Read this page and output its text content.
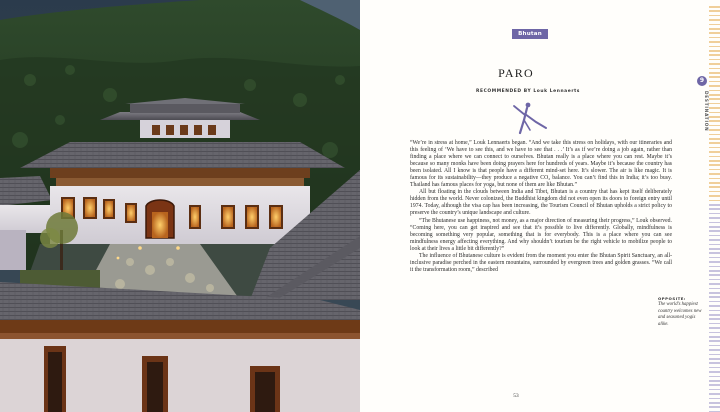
Bhutan
PARO
RECOMMENDED BY Louk Lennaerts

“We’re in stress at home,” Louk Lennaerts began. “And we take this stress on holidays, with our itineraries and this feeling of ‘We have to see this, and we have to see that . . .’ It’s as if we’re doing a job again, rather than finding a place where we can connect to ourselves. Bhutan really is a place where you can rest. Maybe it’s because so many monks have been doing prayers here for hundreds of years. Maybe it’s because the country has been isolated. All I know is that people have a different mind-set here. It’s slower. The air is like magic. It is famous for its sustainability—they produce a negative CO₂ balance. You can’t find this in India; it’s too busy. Thailand has famous places for yoga, but none of them are like Bhutan.”

All but floating in the clouds between India and Tibet, Bhutan is a country that has kept itself deliberately hidden from the world. Never colonized, the Buddhist kingdom did not even open its doors to foreign entry until 1974. Today, although the visa cap has been increasing, the Tourism Council of Bhutan upholds a strict policy to preserve the country’s unique landscape and culture.

“The Bhutanese use happiness, not money, as a major direction of measuring their progress,” Louk observed. “Coming here, you can get inspired and see that it’s possible to live differently. Globally, mindfulness is becoming something very popular, something that is for everybody. This is a place where you can see mindfulness energy affecting everything. And why shouldn’t tourism be the right vehicle to mobilize people to look at their lives a little bit differently?”

The influence of Bhutanese culture is evident from the moment you enter the Bhutan Spirit Sanctuary, an all-inclusive paradise perched in the eastern mountains, surrounded by evergreen trees and golden grasses. “We call it the transformation room,” described

OPPOSITE:
The world’s happiest country welcomes new and seasoned yogis alike.
53
9
DESTINATION
